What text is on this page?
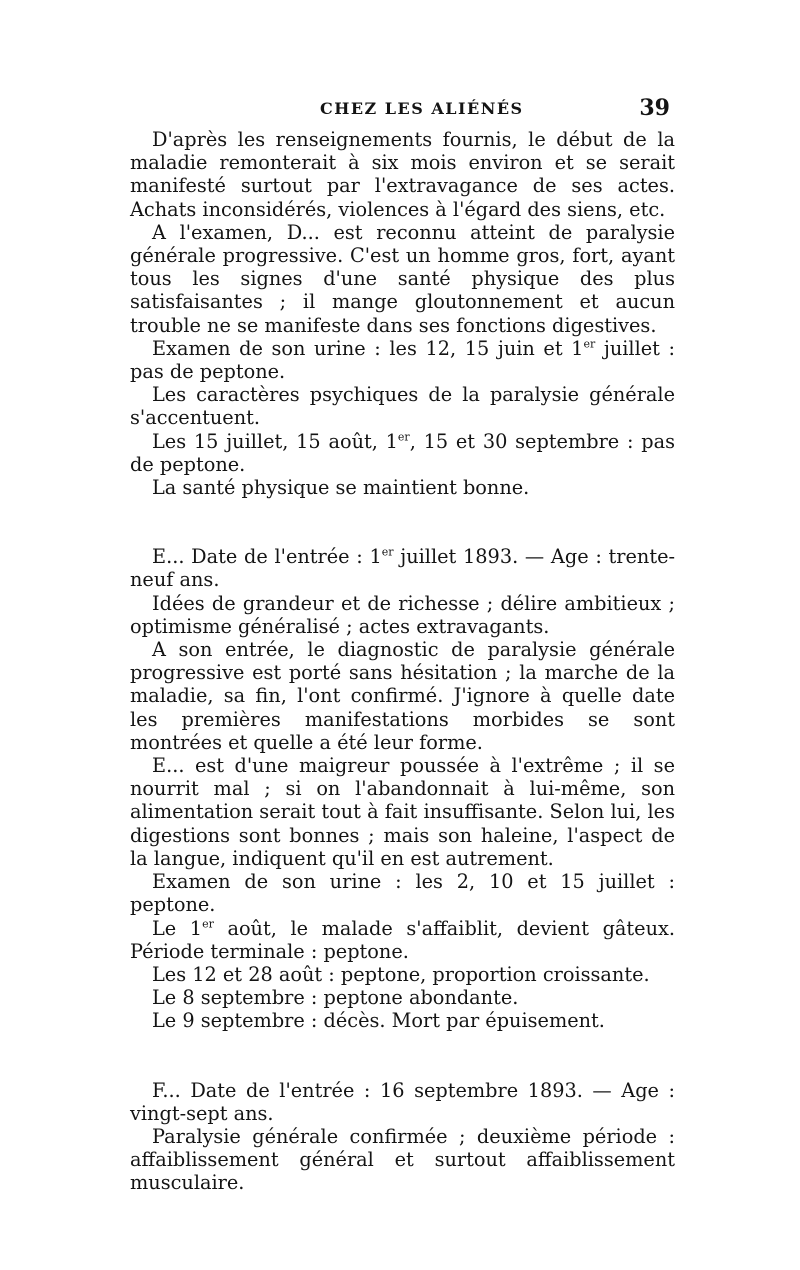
CHEZ LES ALIÉNÉS	39

D'après les renseignements fournis, le début de la maladie remonterait à six mois environ et se serait manifesté surtout par l'extravagance de ses actes. Achats inconsidérés, violences à l'égard des siens, etc.

A l'examen, D... est reconnu atteint de paralysie générale progressive. C'est un homme gros, fort, ayant tous les signes d'une santé physique des plus satisfaisantes ; il mange gloutonnement et aucun trouble ne se manifeste dans ses fonctions digestives.

Examen de son urine : les 12, 15 juin et 1er juillet : pas de peptone.

Les caractères psychiques de la paralysie générale s'accentuent.

Les 15 juillet, 15 août, 1er, 15 et 30 septembre : pas de peptone.

La santé physique se maintient bonne.

E... Date de l'entrée : 1er juillet 1893. — Age : trente-neuf ans.

Idées de grandeur et de richesse ; délire ambitieux ; optimisme généralisé ; actes extravagants.

A son entrée, le diagnostic de paralysie générale progressive est porté sans hésitation ; la marche de la maladie, sa fin, l'ont confirmé. J'ignore à quelle date les premières manifestations morbides se sont montrées et quelle a été leur forme.

E... est d'une maigreur poussée à l'extrême ; il se nourrit mal ; si on l'abandonnait à lui-même, son alimentation serait tout à fait insuffisante. Selon lui, les digestions sont bonnes ; mais son haleine, l'aspect de la langue, indiquent qu'il en est autrement.

Examen de son urine : les 2, 10 et 15 juillet : peptone.

Le 1er août, le malade s'affaiblit, devient gâteux. Période terminale : peptone.

Les 12 et 28 août : peptone, proportion croissante.

Le 8 septembre : peptone abondante.

Le 9 septembre : décès. Mort par épuisement.

F... Date de l'entrée : 16 septembre 1893. — Age : vingt-sept ans.

Paralysie générale confirmée ; deuxième période : affaiblissement général et surtout affaiblissement musculaire.
